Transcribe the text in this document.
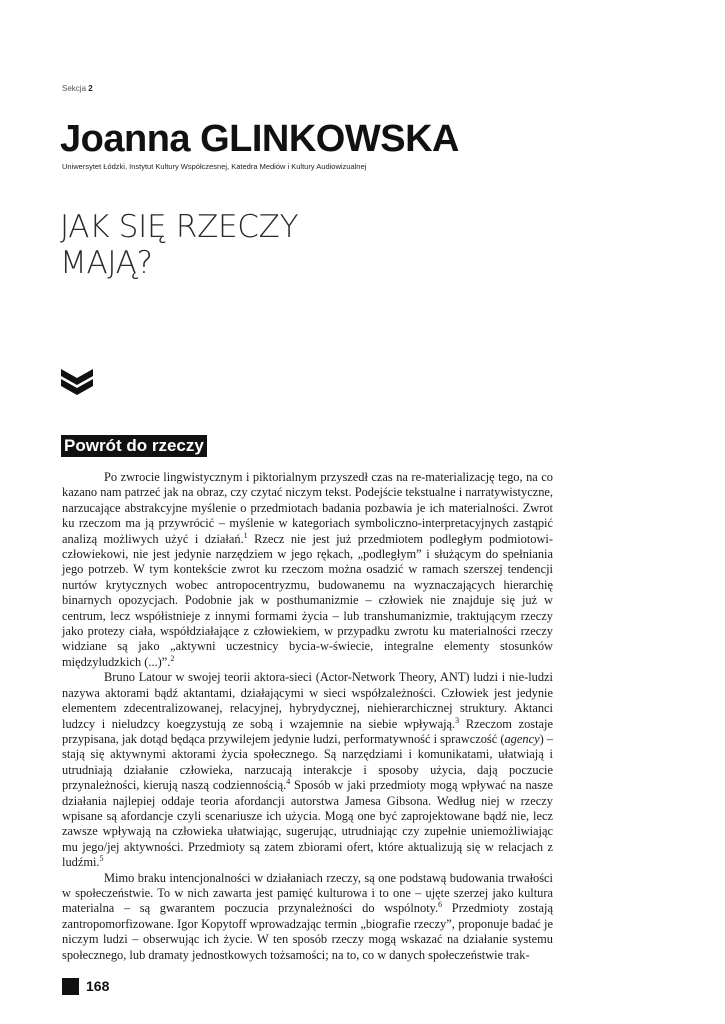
Sekcja 2
Joanna GLINKOWSKA
Uniwersytet Łódzki, Instytut Kultury Współczesnej, Katedra Mediów i Kultury Audiowizualnej
JAK SIĘ RZECZY
MAJĄ?
Powrót do rzeczy

Po zwrocie lingwistycznym i piktorialnym przyszedł czas na re-materializację tego, na co kazano nam patrzeć jak na obraz, czy czytać niczym tekst. Podejście tekstualne i narratywistyczne, narzucające abstrakcyjne myślenie o przedmiotach badania pozbawia je ich materialności. Zwrot ku rzeczom ma ją przywrócić – myślenie w kategoriach symboliczno-interpretacyjnych zastąpić analizą możliwych użyć i działań.$^1$ Rzecz nie jest już przedmiotem podległym podmiotowi-człowiekowi, nie jest jedynie narzędziem w jego rękach, „podległym” i służącym do spełniania jego potrzeb. W tym kontekście zwrot ku rzeczom można osadzić w ramach szerszej tendencji nurtów krytycznych wobec antropocentryzmu, budowanemu na wyznaczających hierarchię binarnych opozycjach. Podobnie jak w posthumanizmie – człowiek nie znajduje się już w centrum, lecz współistnieje z innymi formami życia – lub transhumanizmie, traktującym rzeczy jako protezy ciała, współdziałające z człowiekiem, w przypadku zwrotu ku materialności rzeczy widziane są jako „aktywni uczestnicy bycia-w-świecie, integralne elementy stosunków międzyludzkich (...)”.$^2$

Bruno Latour w swojej teorii aktora-sieci (Actor-Network Theory, ANT) ludzi i nie-ludzi nazywa aktorami bądź aktantami, działającymi w sieci współzależności. Człowiek jest jedynie elementem zdecentralizowanej, relacyjnej, hybrydycznej, niehierarchicznej struktury. Aktanci ludzcy i nieludzcy koegzystują ze sobą i wzajemnie na siebie wpływają.$^3$ Rzeczom zostaje przypisana, jak dotąd będąca przywilejem jedynie ludzi, performatywność i sprawczość (agency) – stają się aktywnymi aktorami życia społecznego. Są narzędziami i komunikatami, ułatwiają i utrudniają działanie człowieka, narzucają interakcje i sposoby użycia, dają poczucie przynależności, kierują naszą codziennością.$^4$ Sposób w jaki przedmioty mogą wpływać na nasze działania najlepiej oddaje teoria afordancji autorstwa Jamesa Gibsona. Według niej w rzeczy wpisane są afordancje czyli scenariusze ich użycia. Mogą one być zaprojektowane bądź nie, lecz zawsze wpływają na człowieka ułatwiając, sugerując, utrudniając czy zupełnie uniemożliwiając mu jego/jej aktywności. Przedmioty są zatem zbiorami ofert, które aktualizują się w relacjach z ludźmi.$^5$

Mimo braku intencjonalności w działaniach rzeczy, są one podstawą budowania trwałości w społeczeństwie. To w nich zawarta jest pamięć kulturowa i to one – ujęte szerzej jako kultura materialna – są gwarantem poczucia przynależności do wspólnoty.$^6$ Przedmioty zostają zantropomorfizowane. Igor Kopytoff wprowadzając termin „biografie rzeczy”, proponuje badać je niczym ludzi – obserwując ich życie. W ten sposób rzeczy mogą wskazać na działanie systemu społecznego, lub dramaty jednostkowych tożsamości; na to, co w danych społeczeństwie trak-

168
